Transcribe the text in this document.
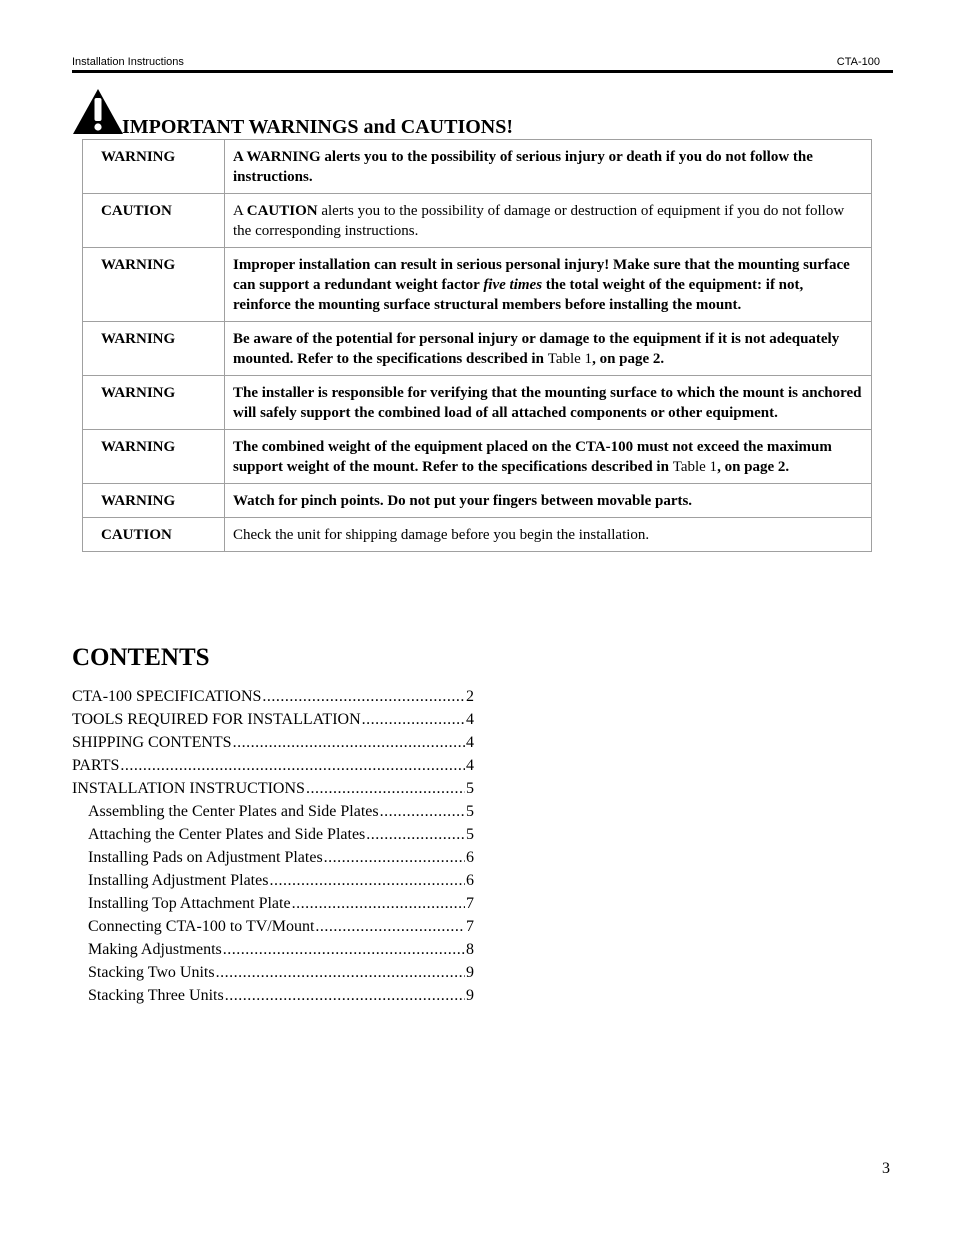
Installation Instructions	CTA-100
IMPORTANT WARNINGS and CAUTIONS!
WARNING	A WARNING alerts you to the possibility of serious injury or death if you do not follow the instructions.
CAUTION	A CAUTION alerts you to the possibility of damage or destruction of equipment if you do not follow the corresponding instructions.
WARNING	Improper installation can result in serious personal injury! Make sure that the mounting surface can support a redundant weight factor five times the total weight of the equipment: if not, reinforce the mounting surface structural members before installing the mount.
WARNING	Be aware of the potential for personal injury or damage to the equipment if it is not adequately mounted. Refer to the specifications described in Table 1, on page 2.
WARNING	The installer is responsible for verifying that the mounting surface to which the mount is anchored will safely support the combined load of all attached components or other equipment.
WARNING	The combined weight of the equipment placed on the CTA-100 must not exceed the maximum support weight of the mount. Refer to the specifications described in Table 1, on page 2.
WARNING	Watch for pinch points. Do not put your fingers between movable parts.
CAUTION	Check the unit for shipping damage before you begin the installation.
CONTENTS
CTA-100 SPECIFICATIONS .....	2
TOOLS REQUIRED FOR INSTALLATION .....	4
SHIPPING CONTENTS .....	4
PARTS .....	4
INSTALLATION INSTRUCTIONS .....	5
Assembling the Center Plates and Side Plates .....	5
Attaching the Center Plates and Side Plates .....	5
Installing Pads on Adjustment Plates .....	6
Installing Adjustment Plates .....	6
Installing Top Attachment Plate .....	7
Connecting CTA-100 to TV/Mount .....	7
Making Adjustments .....	8
Stacking Two Units .....	9
Stacking Three Units .....	9
3
